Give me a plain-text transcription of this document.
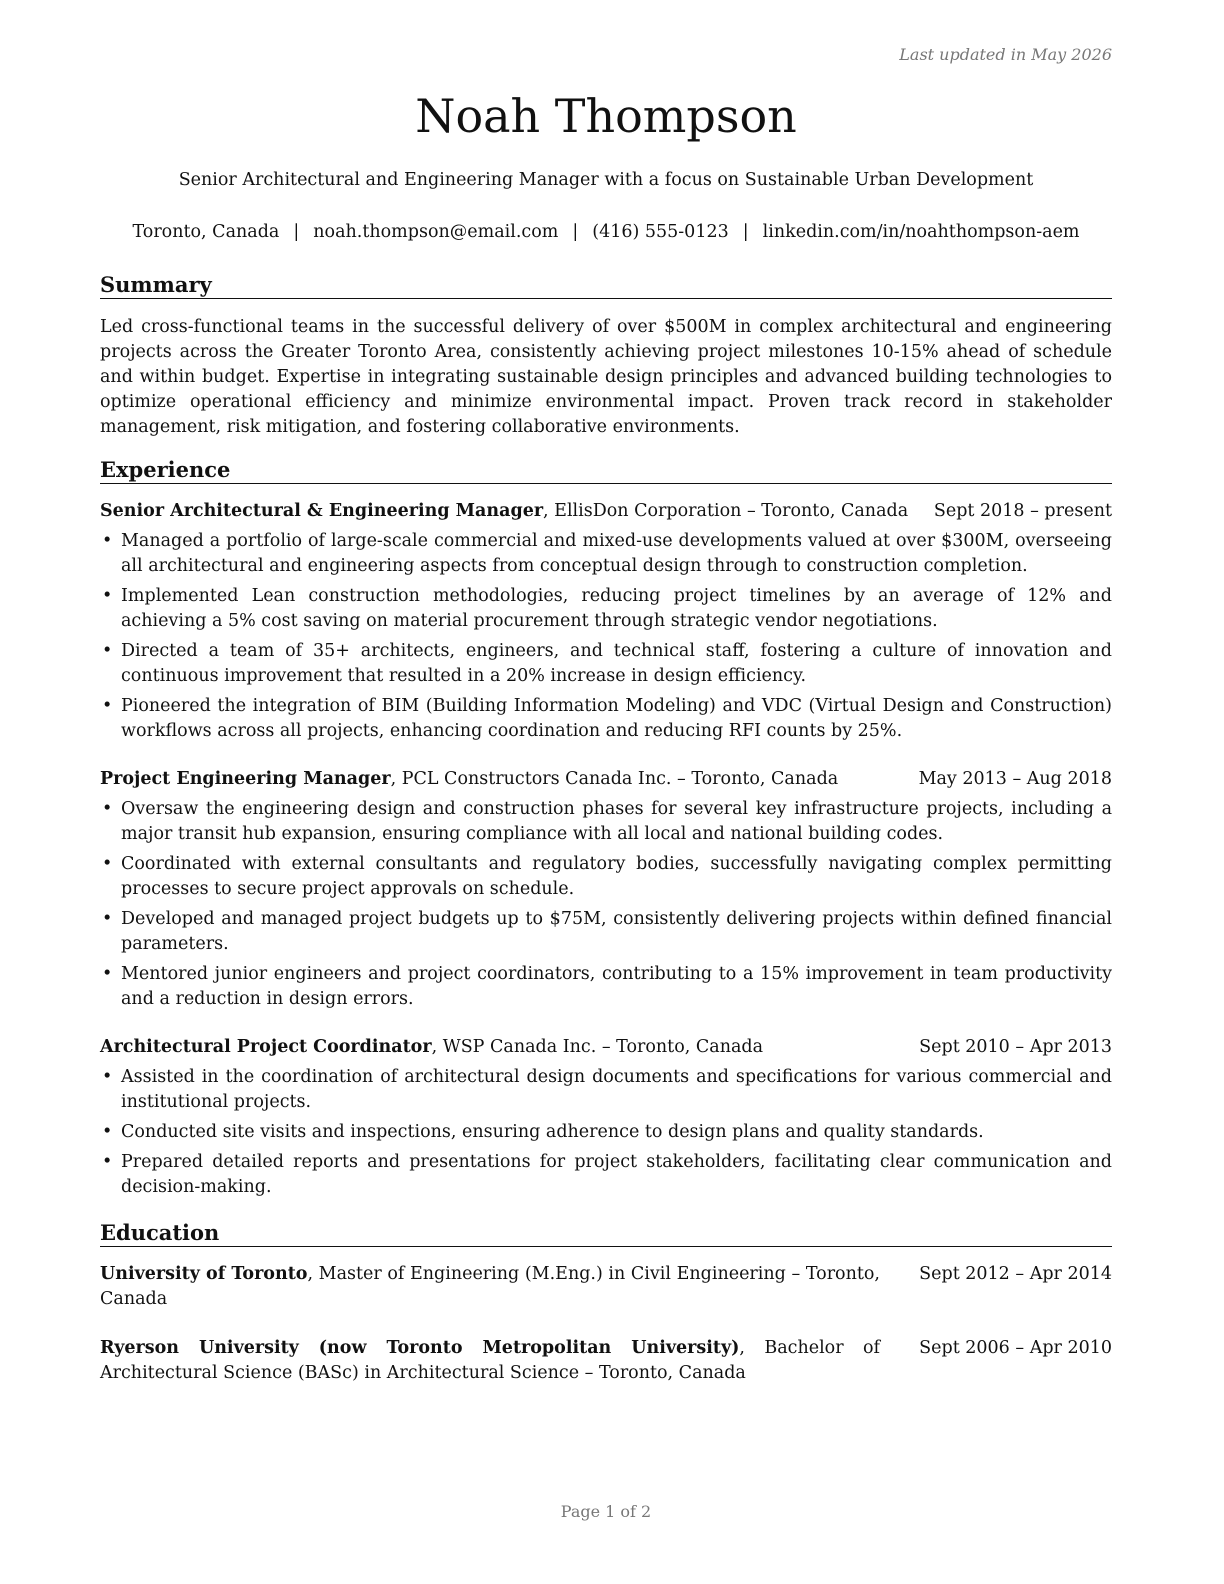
Last updated in May 2026
Noah Thompson
Senior Architectural and Engineering Manager with a focus on Sustainable Urban Development
Toronto, Canada | noah.thompson@email.com | (416) 555-0123 | linkedin.com/in/noahthompson-aem
Summary
Led cross-functional teams in the successful delivery of over $500M in complex architectural and engineering projects across the Greater Toronto Area, consistently achieving project milestones 10-15% ahead of schedule and within budget. Expertise in integrating sustainable design principles and advanced building technologies to optimize operational efficiency and minimize environmental impact. Proven track record in stakeholder management, risk mitigation, and fostering collaborative environments.
Experience
Senior Architectural & Engineering Manager, EllisDon Corporation – Toronto, Canada Sept 2018 – present
• Managed a portfolio of large-scale commercial and mixed-use developments valued at over $300M, overseeing all architectural and engineering aspects from conceptual design through to construction completion.
• Implemented Lean construction methodologies, reducing project timelines by an average of 12% and achieving a 5% cost saving on material procurement through strategic vendor negotiations.
• Directed a team of 35+ architects, engineers, and technical staff, fostering a culture of innovation and continuous improvement that resulted in a 20% increase in design efficiency.
• Pioneered the integration of BIM (Building Information Modeling) and VDC (Virtual Design and Construction) workflows across all projects, enhancing coordination and reducing RFI counts by 25%.
Project Engineering Manager, PCL Constructors Canada Inc. – Toronto, Canada	May 2013 – Aug 2018
• Oversaw the engineering design and construction phases for several key infrastructure projects, including a major transit hub expansion, ensuring compliance with all local and national building codes.
• Coordinated with external consultants and regulatory bodies, successfully navigating complex permitting processes to secure project approvals on schedule.
• Developed and managed project budgets up to $75M, consistently delivering projects within defined financial parameters.
• Mentored junior engineers and project coordinators, contributing to a 15% improvement in team productivity and a reduction in design errors.
Architectural Project Coordinator, WSP Canada Inc. – Toronto, Canada	Sept 2010 – Apr 2013
• Assisted in the coordination of architectural design documents and specifications for various commercial and institutional projects.
• Conducted site visits and inspections, ensuring adherence to design plans and quality standards.
• Prepared detailed reports and presentations for project stakeholders, facilitating clear communication and decision-making.
Education
University of Toronto, Master of Engineering (M.Eng.) in Civil Engineering – Toronto, Canada
Sept 2012 – Apr 2014
Ryerson University (now Toronto Metropolitan University), Bachelor of Architectural Science (BASc) in Architectural Science – Toronto, Canada
Sept 2006 – Apr 2010
Page 1 of 2
